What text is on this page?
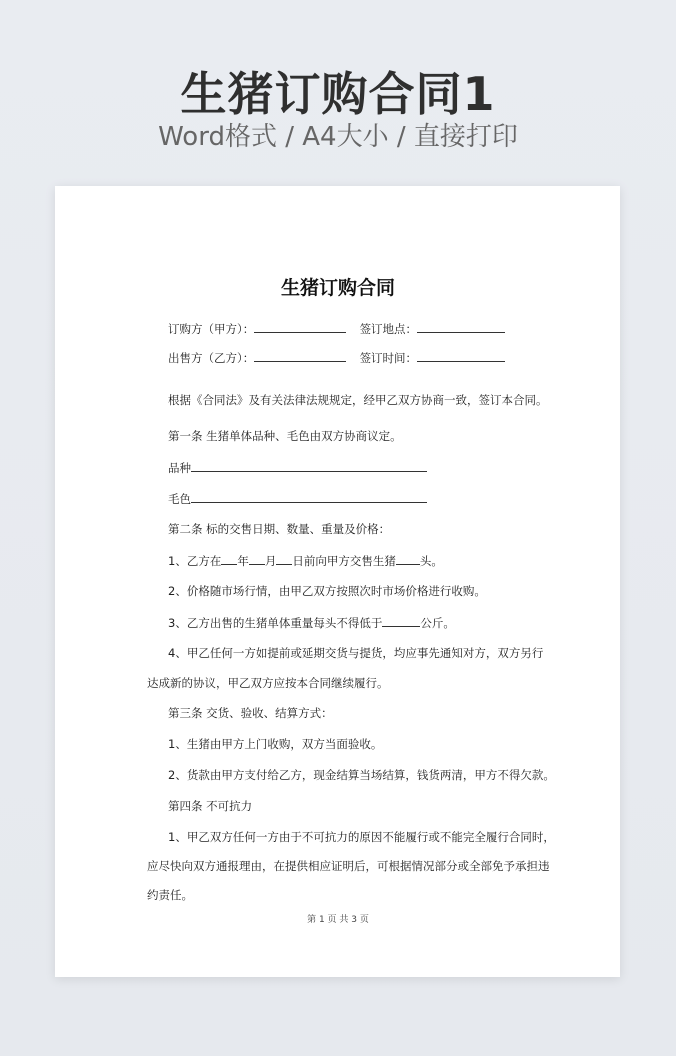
生猪订购合同1
Word格式 / A4大小 / 直接打印
生猪订购合同
订购方（甲方）：	签订地点：
出售方（乙方）：	签订时间：
根据《合同法》及有关法律法规规定，经甲乙双方协商一致，签订本合同。
第一条 生猪单体品种、毛色由双方协商议定。
品种
毛色
第二条 标的交售日期、数量、重量及价格：
1、乙方在 年 月 日前向甲方交售生猪 头。
2、价格随市场行情，由甲乙双方按照次时市场价格进行收购。
3、乙方出售的生猪单体重量每头不得低于	公斤。
4、甲乙任何一方如提前或延期交货与提货，均应事先通知对方，双方另行
达成新的协议，甲乙双方应按本合同继续履行。
第三条 交货、验收、结算方式：
1、生猪由甲方上门收购，双方当面验收。
2、货款由甲方支付给乙方，现金结算当场结算，钱货两清，甲方不得欠款。
第四条 不可抗力
1、甲乙双方任何一方由于不可抗力的原因不能履行或不能完全履行合同时，
应尽快向双方通报理由，在提供相应证明后，可根据情况部分或全部免予承担违
约责任。
第 1 页 共 3 页
